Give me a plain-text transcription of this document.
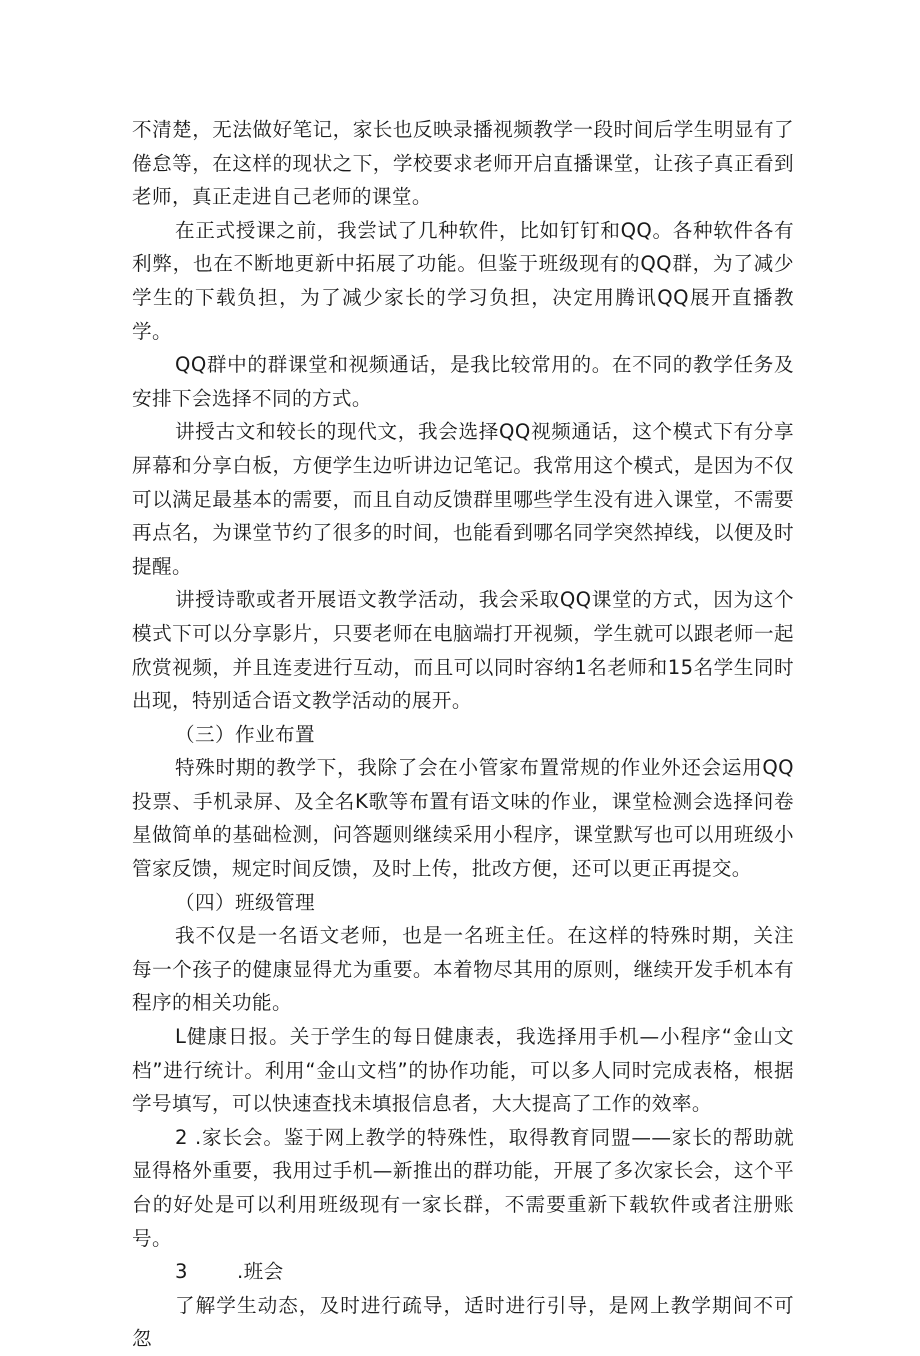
不清楚，无法做好笔记，家长也反映录播视频教学一段时间后学生明显有了倦怠等，在这样的现状之下，学校要求老师开启直播课堂，让孩子真正看到老师，真正走进自己老师的课堂。

在正式授课之前，我尝试了几种软件，比如钉钉和QQ。各种软件各有利弊，也在不断地更新中拓展了功能。但鉴于班级现有的QQ群，为了减少学生的下载负担，为了减少家长的学习负担，决定用腾讯QQ展开直播教学。

QQ群中的群课堂和视频通话，是我比较常用的。在不同的教学任务及安排下会选择不同的方式。

讲授古文和较长的现代文，我会选择QQ视频通话，这个模式下有分享屏幕和分享白板，方便学生边听讲边记笔记。我常用这个模式，是因为不仅可以满足最基本的需要，而且自动反馈群里哪些学生没有进入课堂，不需要再点名，为课堂节约了很多的时间，也能看到哪名同学突然掉线，以便及时提醒。

讲授诗歌或者开展语文教学活动，我会采取QQ课堂的方式，因为这个模式下可以分享影片，只要老师在电脑端打开视频，学生就可以跟老师一起欣赏视频，并且连麦进行互动，而且可以同时容纳1名老师和15名学生同时出现，特别适合语文教学活动的展开。

（三）作业布置

特殊时期的教学下，我除了会在小管家布置常规的作业外还会运用QQ投票、手机录屏、及全名K歌等布置有语文味的作业，课堂检测会选择问卷星做简单的基础检测，问答题则继续采用小程序，课堂默写也可以用班级小管家反馈，规定时间反馈，及时上传，批改方便，还可以更正再提交。

（四）班级管理

我不仅是一名语文老师，也是一名班主任。在这样的特殊时期，关注每一个孩子的健康显得尤为重要。本着物尽其用的原则，继续开发手机本有程序的相关功能。

L健康日报。关于学生的每日健康表，我选择用手机—小程序“金山文档”进行统计。利用“金山文档”的协作功能，可以多人同时完成表格，根据学号填写，可以快速查找未填报信息者，大大提高了工作的效率。

2 .家长会。鉴于网上教学的特殊性，取得教育同盟——家长的帮助就显得格外重要，我用过手机—新推出的群功能，开展了多次家长会，这个平台的好处是可以利用班级现有一家长群，不需要重新下载软件或者注册账号。

3	.班会

了解学生动态，及时进行疏导，适时进行引导，是网上教学期间不可忽
